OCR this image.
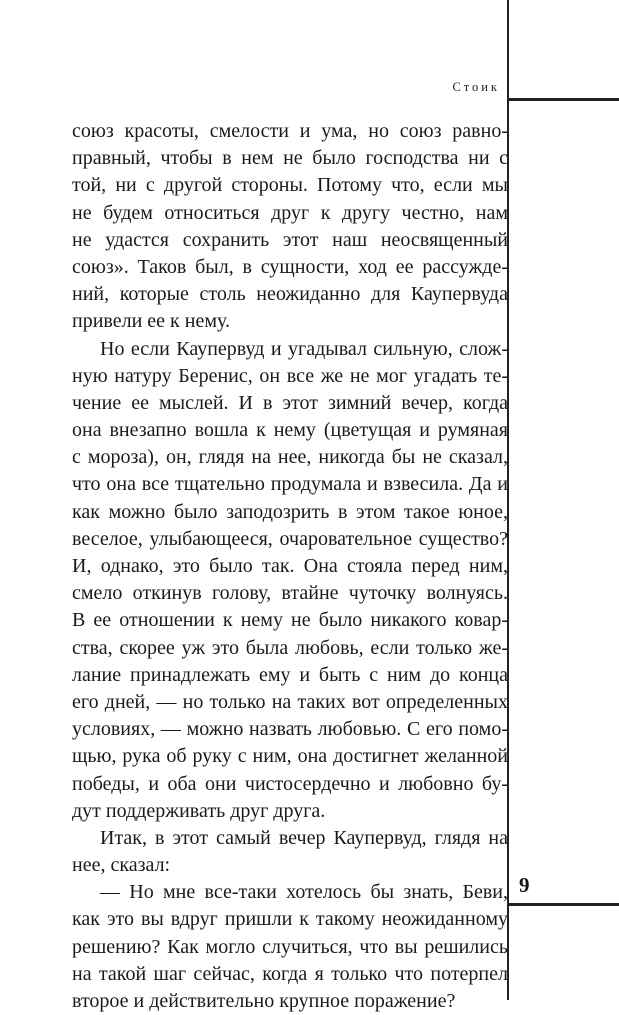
Стоик
союз красоты, смелости и ума, но союз равно-
правный, чтобы в нем не было господства ни с
той, ни с другой стороны. Потому что, если мы
не будем относиться друг к другу честно, нам
не удастся сохранить этот наш неосвященный
союз». Таков был, в сущности, ход ее рассужде-
ний, которые столь неожиданно для Каупервуда
привели ее к нему.
Но если Каупервуд и угадывал сильную, слож-
ную натуру Беренис, он все же не мог угадать те-
чение ее мыслей. И в этот зимний вечер, когда
она внезапно вошла к нему (цветущая и румяная
с мороза), он, глядя на нее, никогда бы не сказал,
что она все тщательно продумала и взвесила. Да и
как можно было заподозрить в этом такое юное,
веселое, улыбающееся, очаровательное существо?
И, однако, это было так. Она стояла перед ним,
смело откинув голову, втайне чуточку волнуясь.
В ее отношении к нему не было никакого ковар-
ства, скорее уж это была любовь, если только же-
лание принадлежать ему и быть с ним до конца
его дней, — но только на таких вот определенных
условиях, — можно назвать любовью. С его помо-
щью, рука об руку с ним, она достигнет желанной
победы, и оба они чистосердечно и любовно бу-
дут поддерживать друг друга.
Итак, в этот самый вечер Каупервуд, глядя на
нее, сказал:
— Но мне все-таки хотелось бы знать, Беви,
как это вы вдруг пришли к такому неожиданному
решению? Как могло случиться, что вы решились
на такой шаг сейчас, когда я только что потерпел
второе и действительно крупное поражение?
9
